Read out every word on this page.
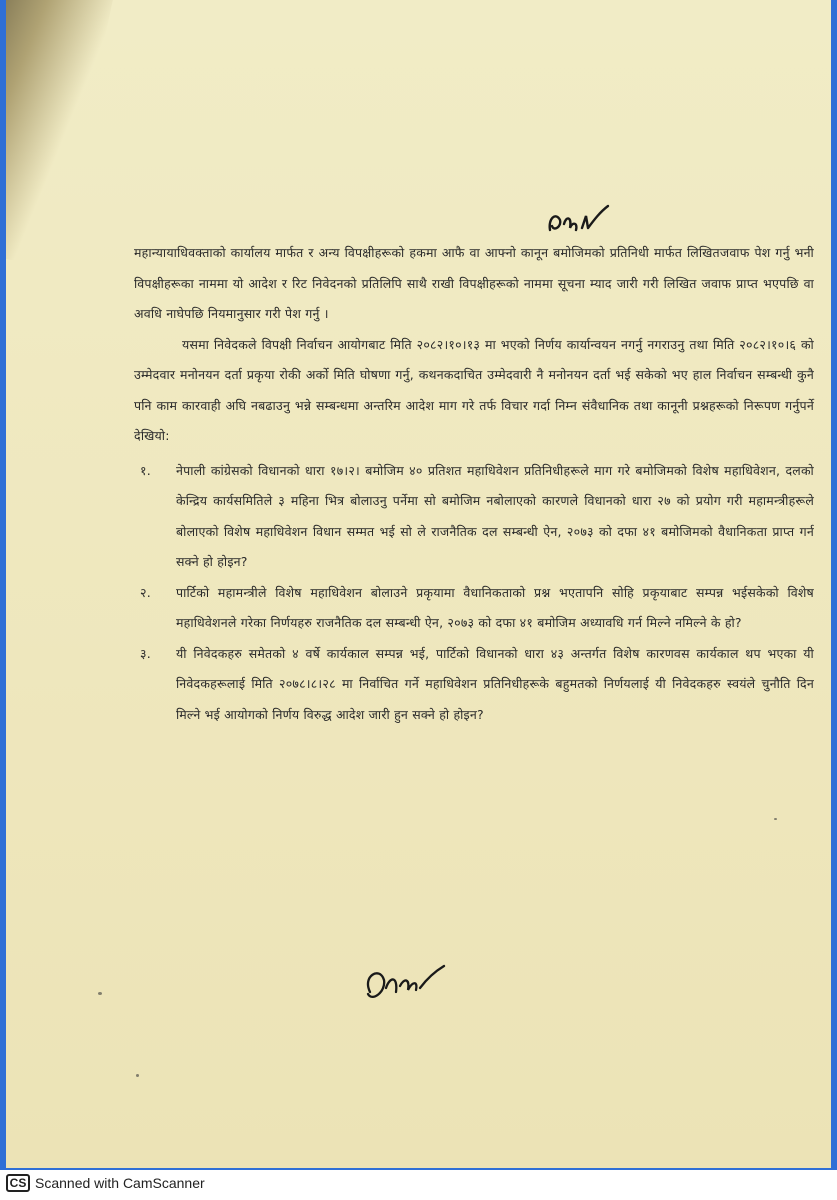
महान्यायाधिवक्ताको कार्यालय मार्फत र अन्य विपक्षीहरूको हकमा आफै वा आफ्नो कानून बमोजिमको प्रतिनिधी मार्फत लिखितजवाफ पेश गर्नु भनी विपक्षीहरूका नाममा यो आदेश र रिट निवेदनको प्रतिलिपि साथै राखी विपक्षीहरूको नाममा सूचना म्याद जारी गरी लिखित जवाफ प्राप्त भएपछि वा अवधि नाघेपछि नियमानुसार गरी पेश गर्नु ।

यसमा निवेदकले विपक्षी निर्वाचन आयोगबाट मिति २०८२।१०।१३ मा भएको निर्णय कार्यान्वयन नगर्नु नगराउनु तथा मिति २०८२।१०।६ को उम्मेदवार मनोनयन दर्ता प्रकृया रोकी अर्को मिति घोषणा गर्नु, कथनकदाचित उम्मेदवारी नै मनोनयन दर्ता भई सकेको भए हाल निर्वाचन सम्बन्धी कुनै पनि काम कारवाही अघि नबढाउनु भन्ने सम्बन्धमा अन्तरिम आदेश माग गरे तर्फ विचार गर्दा निम्न संवैधानिक तथा कानूनी प्रश्नहरूको निरूपण गर्नुपर्ने देखियो:

१.	नेपाली कांग्रेसको विधानको धारा १७।२। बमोजिम ४० प्रतिशत महाधिवेशन प्रतिनिधीहरूले माग गरे बमोजिमको विशेष महाधिवेशन, दलको केन्द्रिय कार्यसमितिले ३ महिना भित्र बोलाउनु पर्नेमा सो बमोजिम नबोलाएको कारणले विधानको धारा २७ को प्रयोग गरी महामन्त्रीहरूले बोलाएको विशेष महाधिवेशन विधान सम्मत भई सो ले राजनैतिक दल सम्बन्धी ऐन, २०७३ को दफा ४१ बमोजिमको वैधानिकता प्राप्त गर्न सक्ने हो होइन?
२.	पार्टिको महामन्त्रीले विशेष महाधिवेशन बोलाउने प्रकृयामा वैधानिकताको प्रश्न भएतापनि सोहि प्रकृयाबाट सम्पन्न भईसकेको विशेष महाधिवेशनले गरेका निर्णयहरु राजनैतिक दल सम्बन्धी ऐन, २०७३ को दफा ४१ बमोजिम अध्यावधि गर्न मिल्ने नमिल्ने के हो?
३.	यी निवेदकहरु समेतको ४ वर्षे कार्यकाल सम्पन्न भई, पार्टिको विधानको धारा ४३ अन्तर्गत विशेष कारणवस कार्यकाल थप भएका यी निवेदकहरूलाई मिति २०७८।८।२८ मा निर्वाचित गर्ने महाधिवेशन प्रतिनिधीहरूके बहुमतको निर्णयलाई यी निवेदकहरु स्वयंले चुनौति दिन मिल्ने भई आयोगको निर्णय विरुद्ध आदेश जारी हुन सक्ने हो होइन?
CS Scanned with CamScanner
